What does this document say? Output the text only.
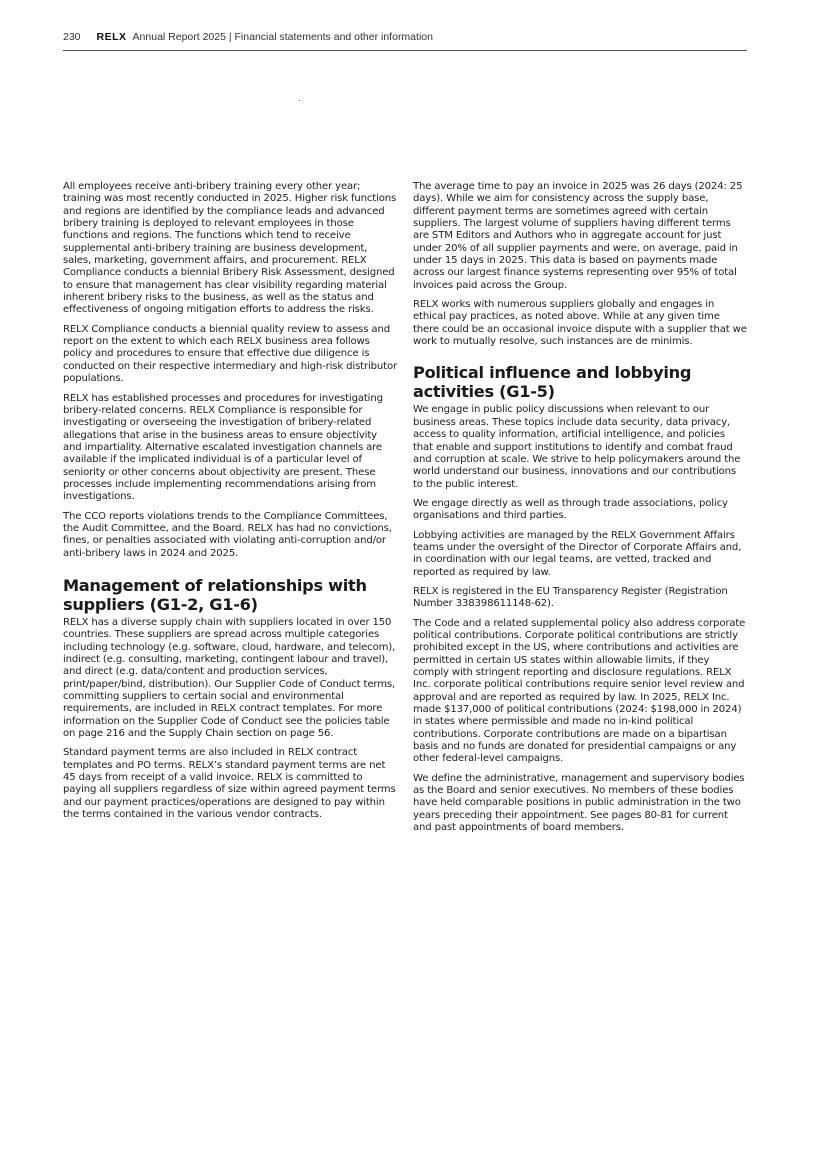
230 RELX Annual Report 2025 | Financial statements and other information

All employees receive anti-bribery training every other year; training was most recently conducted in 2025. Higher risk functions and regions are identified by the compliance leads and advanced bribery training is deployed to relevant employees in those functions and regions. The functions which tend to receive supplemental anti-bribery training are business development, sales, marketing, government affairs, and procurement. RELX Compliance conducts a biennial Bribery Risk Assessment, designed to ensure that management has clear visibility regarding material inherent bribery risks to the business, as well as the status and effectiveness of ongoing mitigation efforts to address the risks.

RELX Compliance conducts a biennial quality review to assess and report on the extent to which each RELX business area follows policy and procedures to ensure that effective due diligence is conducted on their respective intermediary and high-risk distributor populations.

RELX has established processes and procedures for investigating bribery-related concerns. RELX Compliance is responsible for investigating or overseeing the investigation of bribery-related allegations that arise in the business areas to ensure objectivity and impartiality. Alternative escalated investigation channels are available if the implicated individual is of a particular level of seniority or other concerns about objectivity are present. These processes include implementing recommendations arising from investigations.

The CCO reports violations trends to the Compliance Committees, the Audit Committee, and the Board. RELX has had no convictions, fines, or penalties associated with violating anti-corruption and/or anti-bribery laws in 2024 and 2025.

Management of relationships with suppliers (G1-2, G1-6)

RELX has a diverse supply chain with suppliers located in over 150 countries. These suppliers are spread across multiple categories including technology (e.g. software, cloud, hardware, and telecom), indirect (e.g. consulting, marketing, contingent labour and travel), and direct (e.g. data/content and production services, print/paper/bind, distribution). Our Supplier Code of Conduct terms, committing suppliers to certain social and environmental requirements, are included in RELX contract templates. For more information on the Supplier Code of Conduct see the policies table on page 216 and the Supply Chain section on page 56.

Standard payment terms are also included in RELX contract templates and PO terms. RELX’s standard payment terms are net 45 days from receipt of a valid invoice. RELX is committed to paying all suppliers regardless of size within agreed payment terms and our payment practices/operations are designed to pay within the terms contained in the various vendor contracts.

The average time to pay an invoice in 2025 was 26 days (2024: 25 days). While we aim for consistency across the supply base, different payment terms are sometimes agreed with certain suppliers. The largest volume of suppliers having different terms are STM Editors and Authors who in aggregate account for just under 20% of all supplier payments and were, on average, paid in under 15 days in 2025. This data is based on payments made across our largest finance systems representing over 95% of total invoices paid across the Group.

RELX works with numerous suppliers globally and engages in ethical pay practices, as noted above. While at any given time there could be an occasional invoice dispute with a supplier that we work to mutually resolve, such instances are de minimis.

Political influence and lobbying activities (G1-5)

We engage in public policy discussions when relevant to our business areas. These topics include data security, data privacy, access to quality information, artificial intelligence, and policies that enable and support institutions to identify and combat fraud and corruption at scale. We strive to help policymakers around the world understand our business, innovations and our contributions to the public interest.

We engage directly as well as through trade associations, policy organisations and third parties.

Lobbying activities are managed by the RELX Government Affairs teams under the oversight of the Director of Corporate Affairs and, in coordination with our legal teams, are vetted, tracked and reported as required by law.

RELX is registered in the EU Transparency Register (Registration Number 338398611148-62).

The Code and a related supplemental policy also address corporate political contributions. Corporate political contributions are strictly prohibited except in the US, where contributions and activities are permitted in certain US states within allowable limits, if they comply with stringent reporting and disclosure regulations. RELX Inc. corporate political contributions require senior level review and approval and are reported as required by law. In 2025, RELX Inc. made $137,000 of political contributions (2024: $198,000 in 2024) in states where permissible and made no in-kind political contributions. Corporate contributions are made on a bipartisan basis and no funds are donated for presidential campaigns or any other federal-level campaigns.

We define the administrative, management and supervisory bodies as the Board and senior executives. No members of these bodies have held comparable positions in public administration in the two years preceding their appointment. See pages 80-81 for current and past appointments of board members.
